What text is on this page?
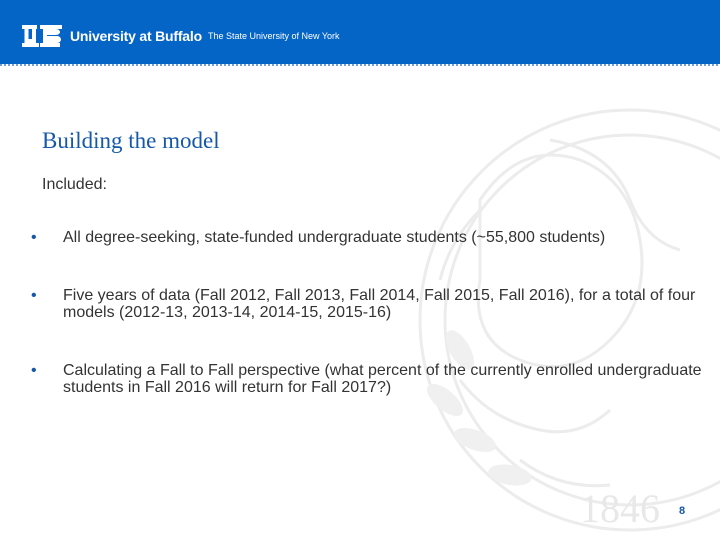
University at Buffalo The State University of New York
1846
Building the model
Included:
• All degree-seeking, state-funded undergraduate students (~55,800 students)
• Five years of data (Fall 2012, Fall 2013, Fall 2014, Fall 2015, Fall 2016), for a total of four models (2012-13, 2013-14, 2014-15, 2015-16)
• Calculating a Fall to Fall perspective (what percent of the currently enrolled undergraduate students in Fall 2016 will return for Fall 2017?)
8
